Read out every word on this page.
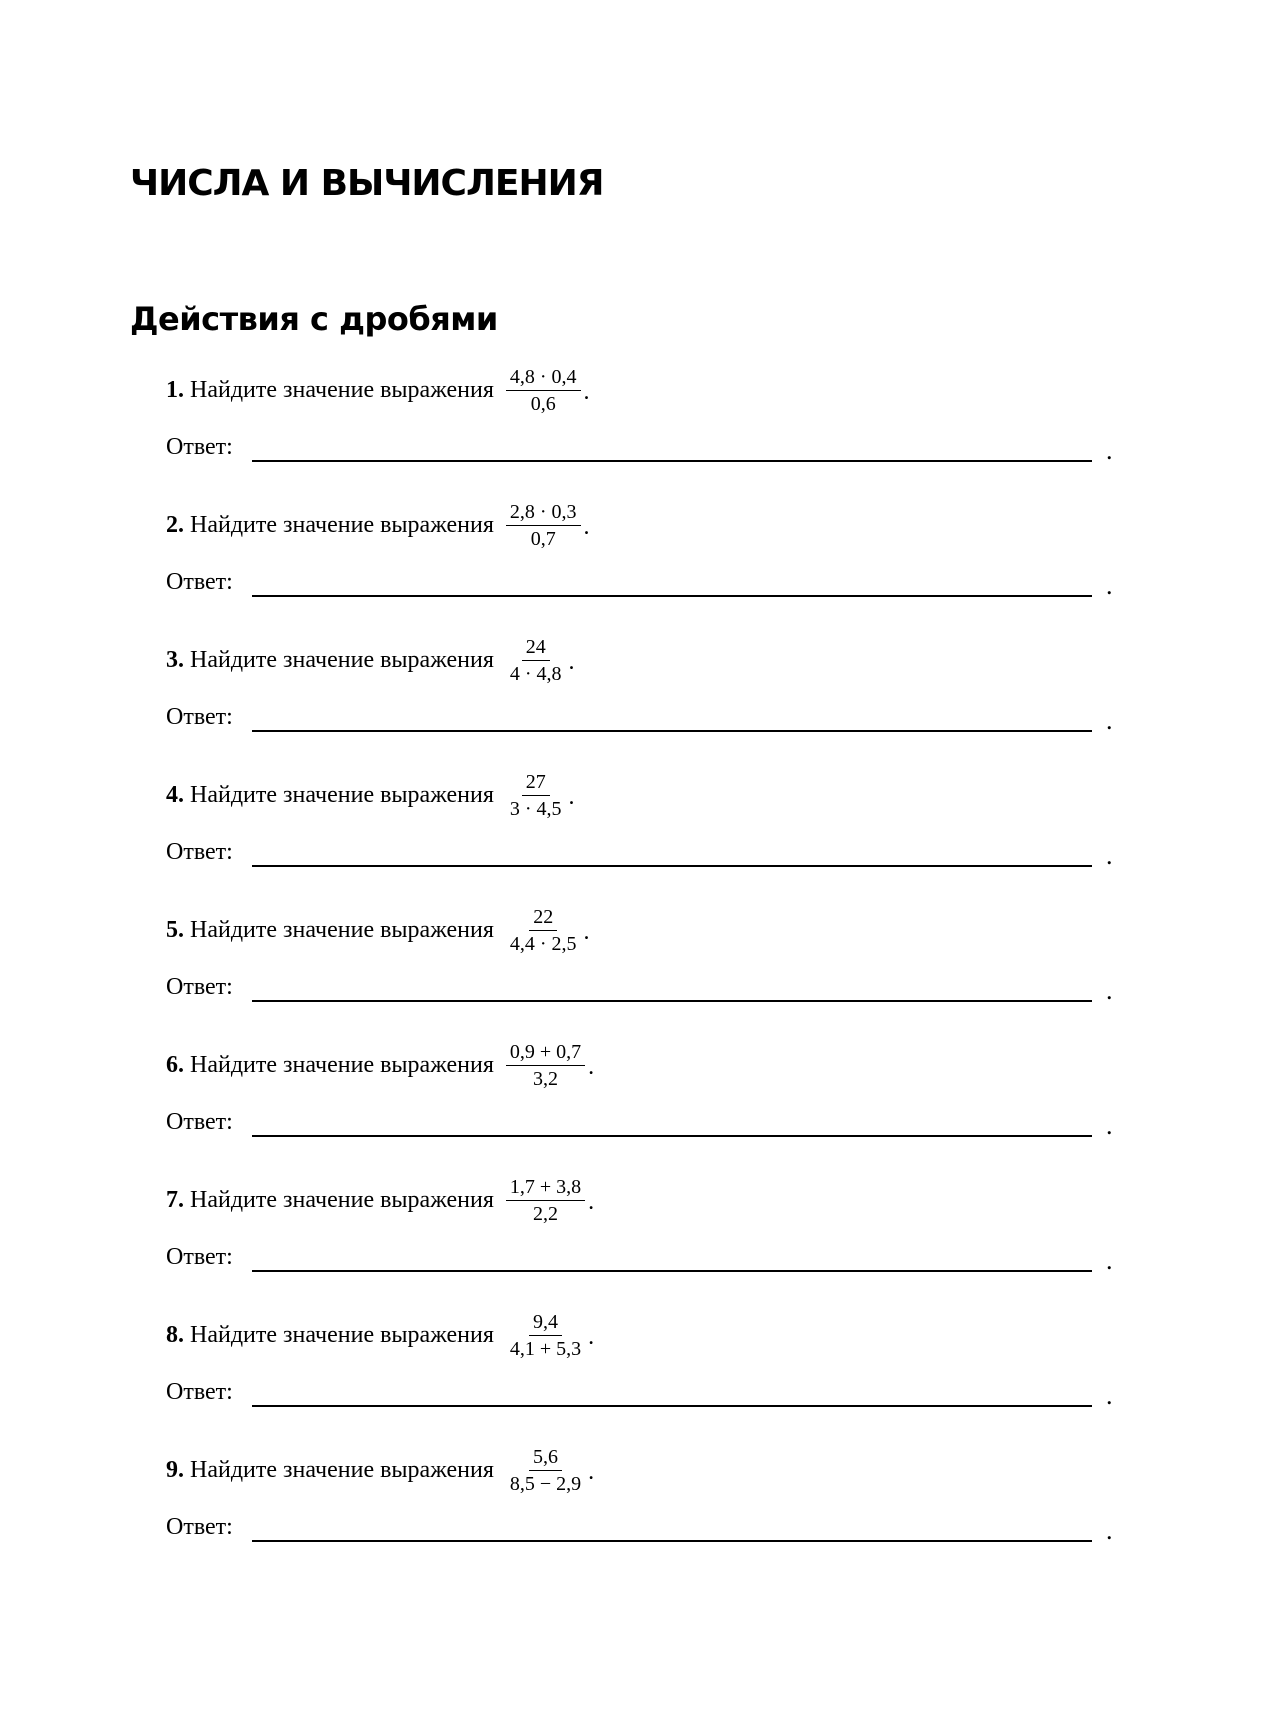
ЧИСЛА И ВЫЧИСЛЕНИЯ
Действия с дробями
1. Найдите значение выражения $\frac{4,8 \cdot 0,4}{0,6}$ .
Ответ:	.
2. Найдите значение выражения $\frac{2,8 \cdot 0,3}{0,7}$ .
Ответ:	.
3. Найдите значение выражения $\frac{24}{4 \cdot 4,8}$ .
Ответ:	.
4. Найдите значение выражения $\frac{27}{3 \cdot 4,5}$ .
Ответ:	.
5. Найдите значение выражения $\frac{22}{4,4 \cdot 2,5}$ .
Ответ:	.
6. Найдите значение выражения $\frac{0,9 + 0,7}{3,2}$ .
Ответ:	.
7. Найдите значение выражения $\frac{1,7 + 3,8}{2,2}$ .
Ответ:	.
8. Найдите значение выражения $\frac{9,4}{4,1 + 5,3}$ .
Ответ:	.
9. Найдите значение выражения $\frac{5,6}{8,5 - 2,9}$ .
Ответ:	.
